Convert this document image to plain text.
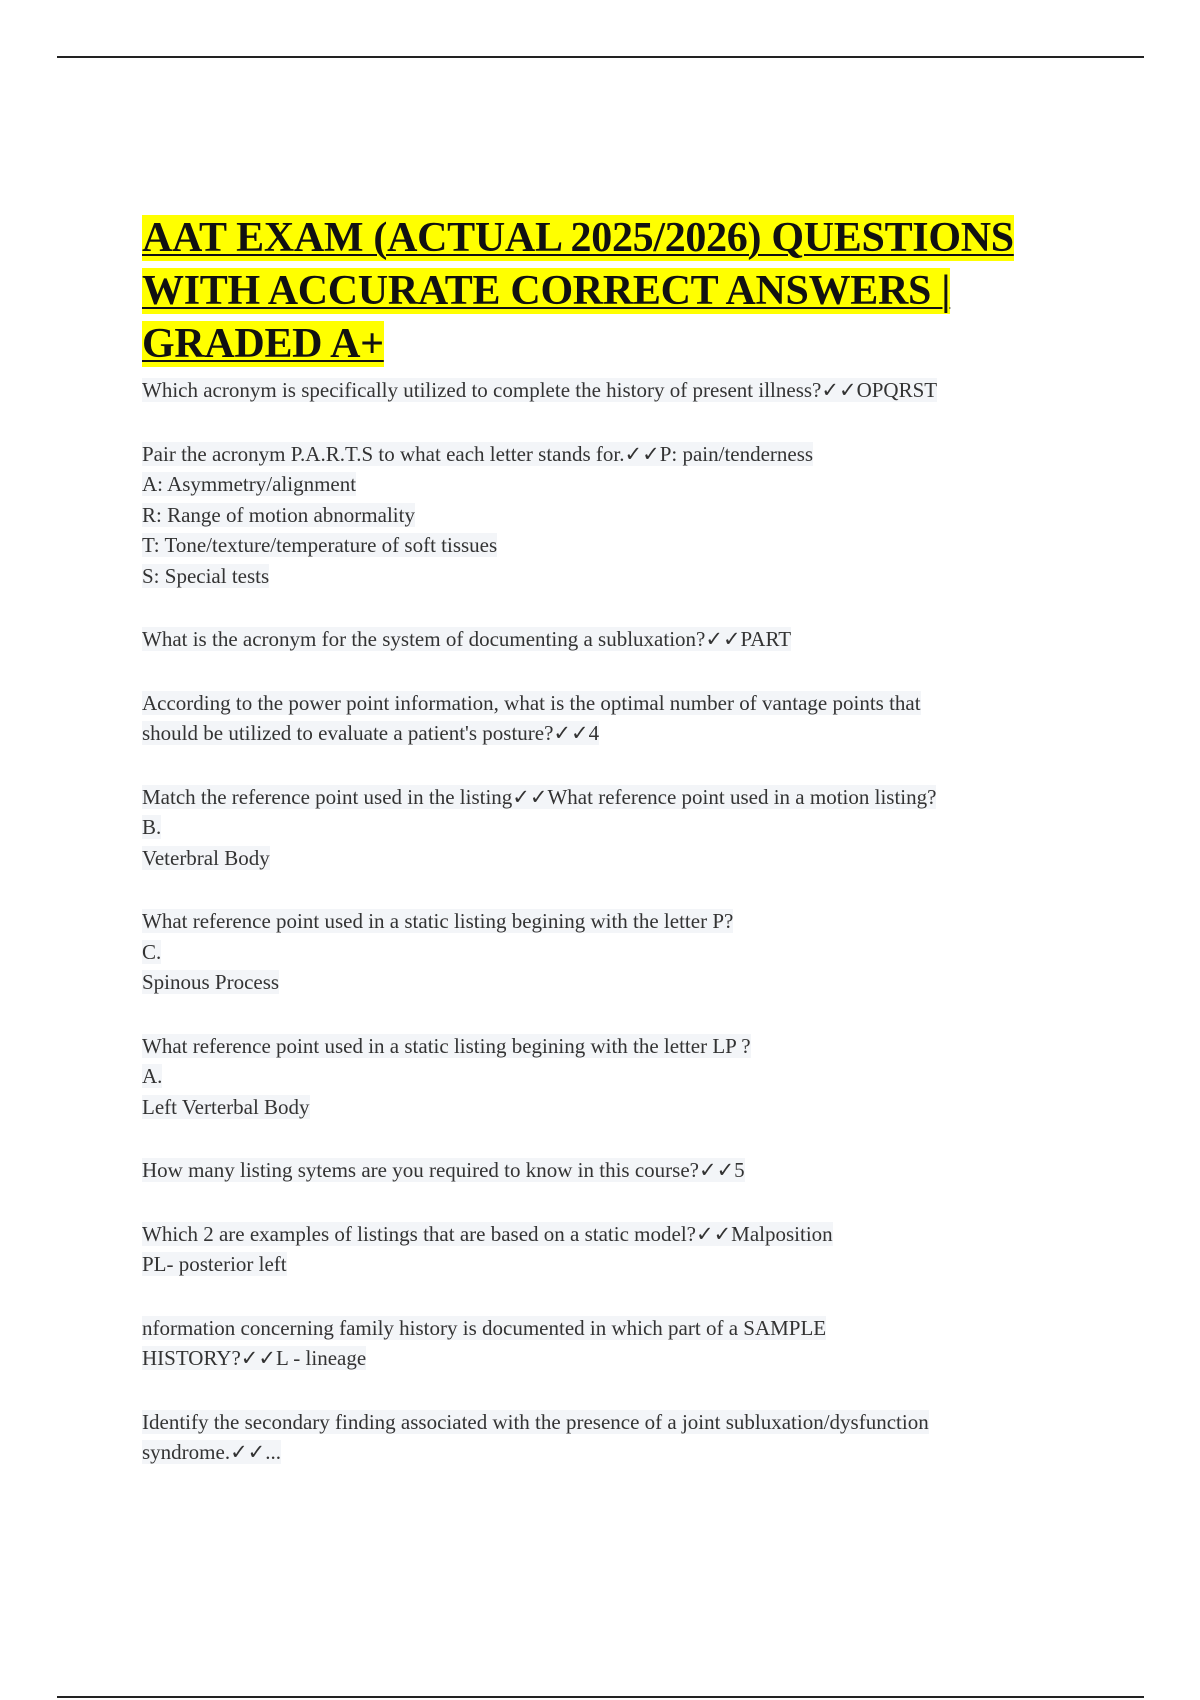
AAT EXAM (ACTUAL 2025/2026) QUESTIONS
WITH ACCURATE CORRECT ANSWERS |
GRADED A+
Which acronym is specifically utilized to complete the history of present illness?✓✓OPQRST
Pair the acronym P.A.R.T.S to what each letter stands for.✓✓P: pain/tenderness
A: Asymmetry/alignment
R: Range of motion abnormality
T: Tone/texture/temperature of soft tissues
S: Special tests
What is the acronym for the system of documenting a subluxation?✓✓PART
According to the power point information, what is the optimal number of vantage points that
should be utilized to evaluate a patient's posture?✓✓4
Match the reference point used in the listing✓✓What reference point used in a motion listing?
B.
Veterbral Body
What reference point used in a static listing begining with the letter P?
C.
Spinous Process
What reference point used in a static listing begining with the letter LP ?
A.
Left Verterbal Body
How many listing sytems are you required to know in this course?✓✓5
Which 2 are examples of listings that are based on a static model?✓✓Malposition
PL- posterior left
nformation concerning family history is documented in which part of a SAMPLE
HISTORY?✓✓L - lineage
Identify the secondary finding associated with the presence of a joint subluxation/dysfunction
syndrome.✓✓...
